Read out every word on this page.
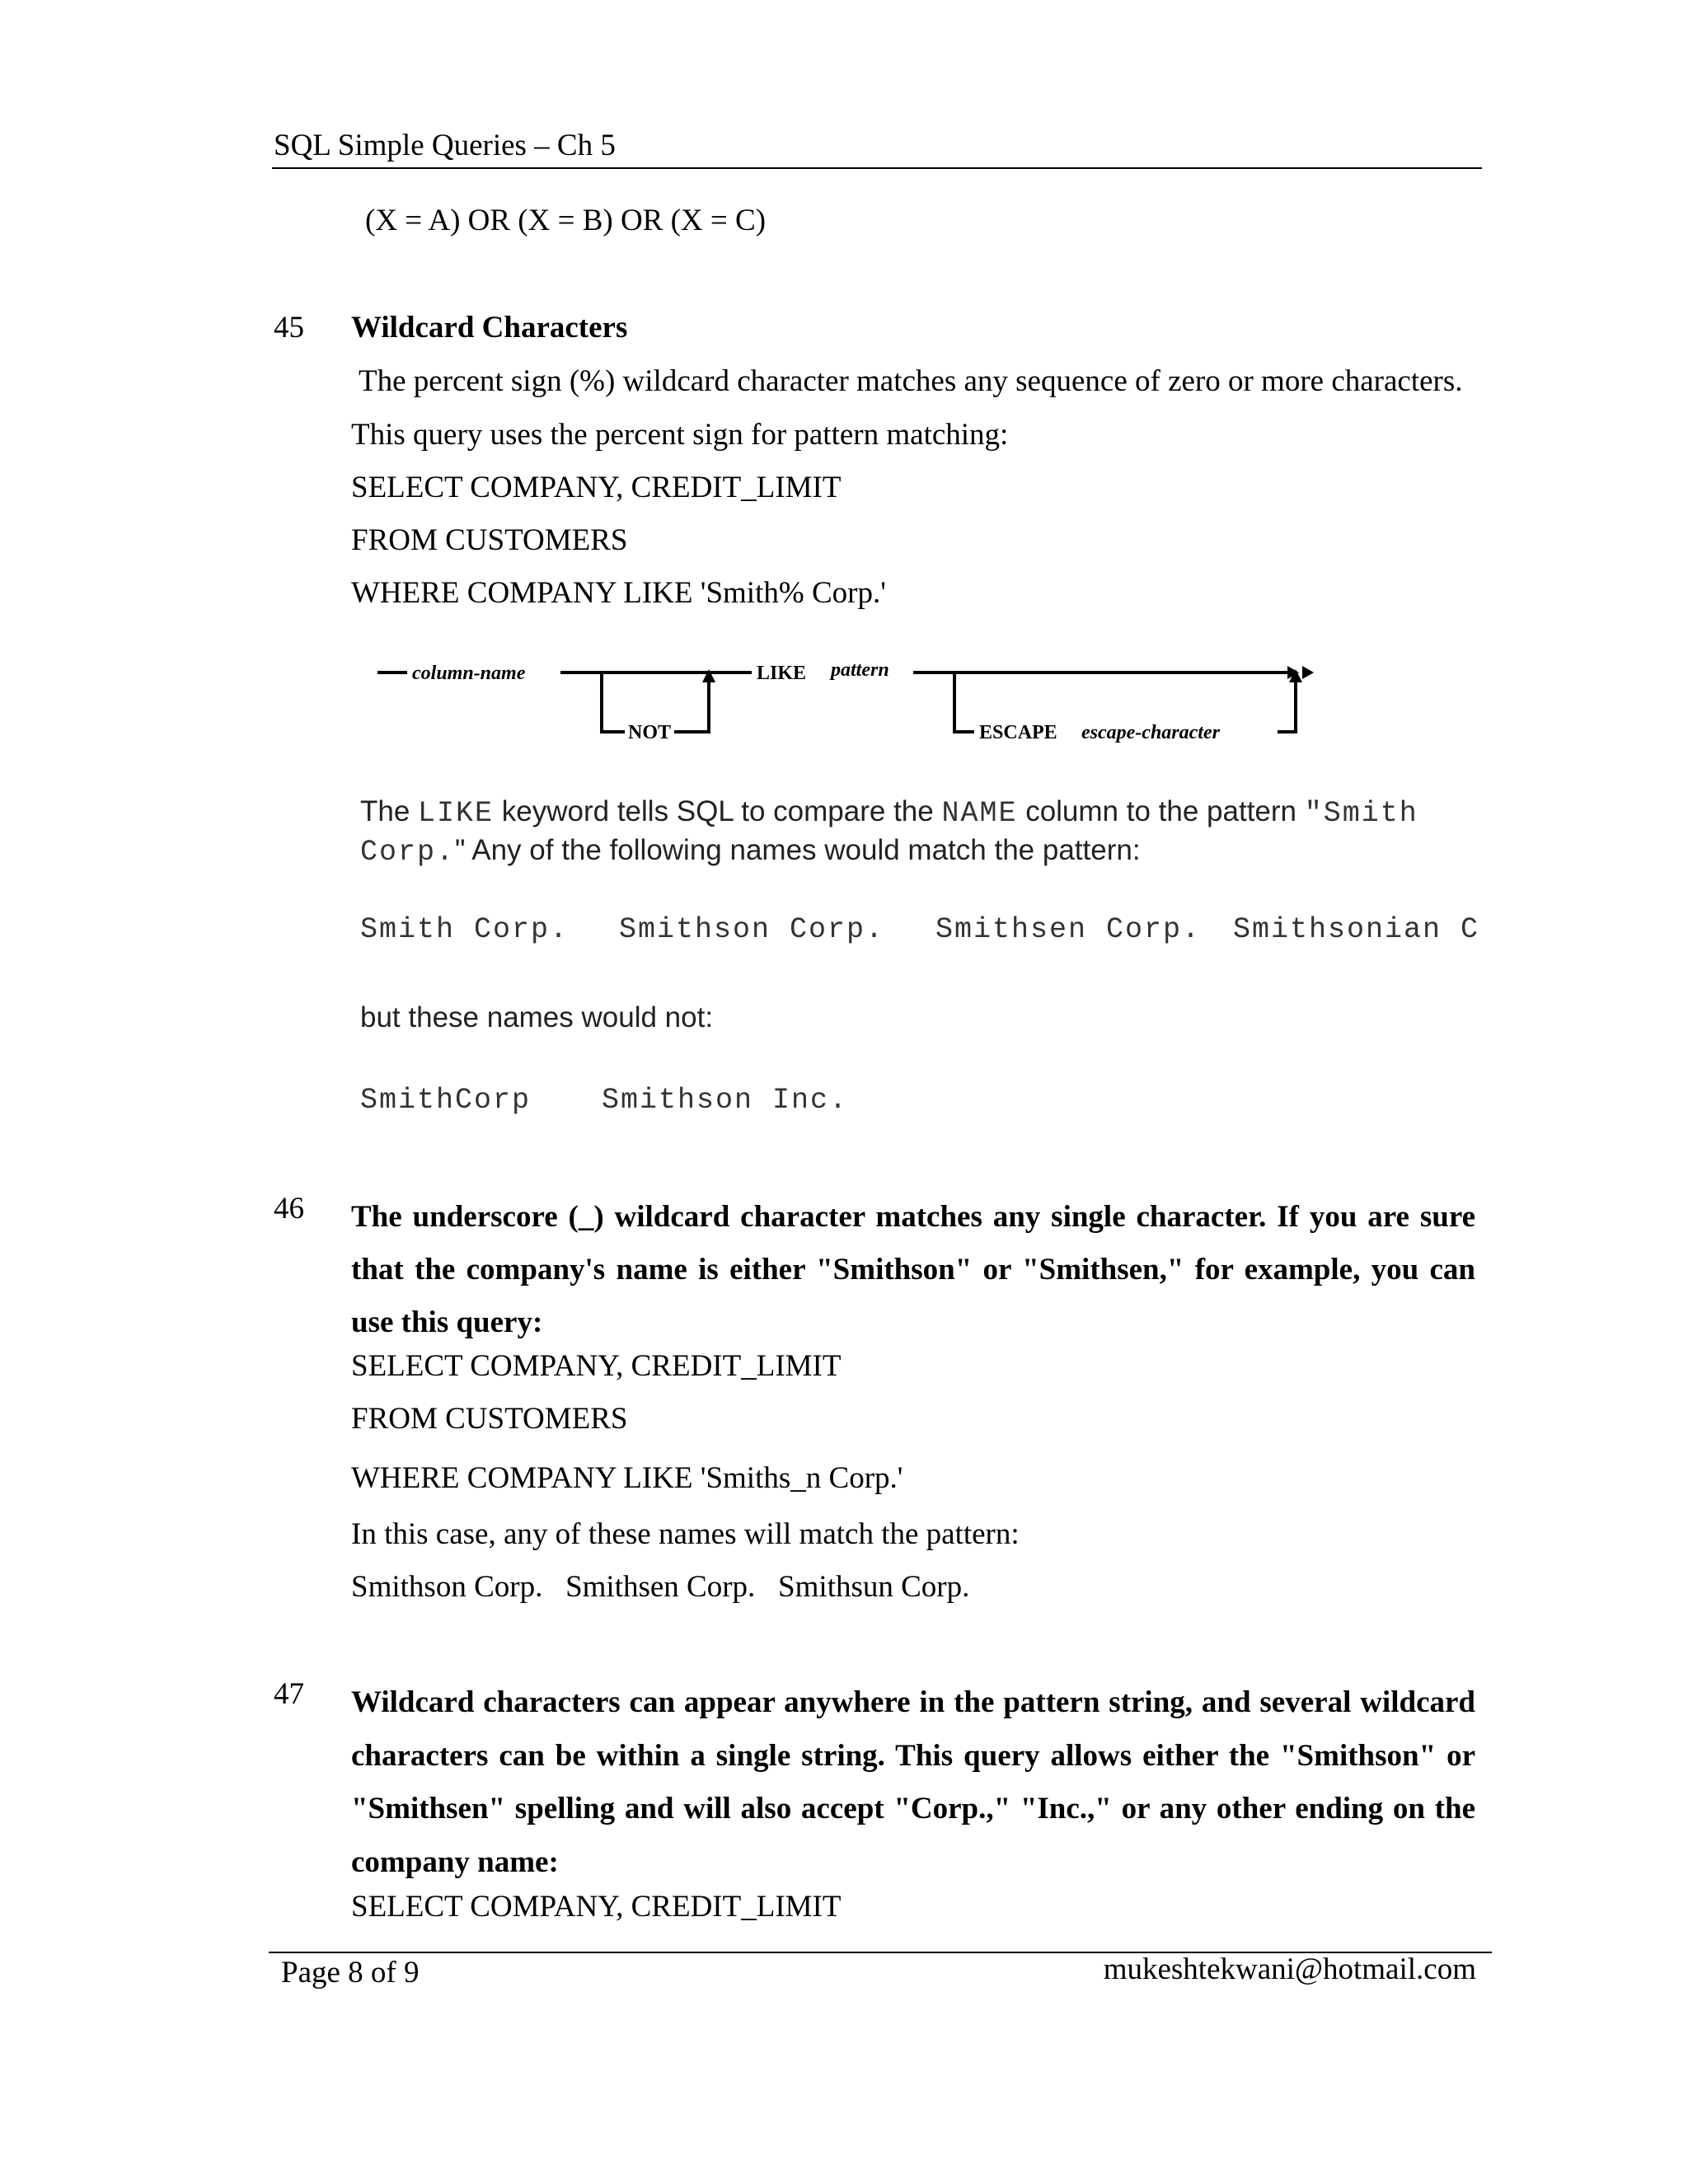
SQL Simple Queries – Ch 5
(X = A) OR (X = B) OR (X = C)
45 Wildcard Characters
The percent sign (%) wildcard character matches any sequence of zero or more characters.
This query uses the percent sign for pattern matching:
SELECT COMPANY, CREDIT_LIMIT
FROM CUSTOMERS
WHERE COMPANY LIKE 'Smith% Corp.'
column-name
NOT
LIKE pattern
ESCAPE escape-character
The LIKE keyword tells SQL to compare the NAME column to the pattern "Smith
Corp." Any of the following names would match the pattern:
Smith Corp. Smithson Corp. Smithsen Corp. Smithsonian C
but these names would not:
SmithCorp Smithson Inc.
46 The underscore (_) wildcard character matches any single character. If you are sure that the company's name is either "Smithson" or "Smithsen," for example, you can use this query:
SELECT COMPANY, CREDIT_LIMIT
FROM CUSTOMERS
WHERE COMPANY LIKE 'Smiths_n Corp.'
In this case, any of these names will match the pattern:
Smithson Corp.   Smithsen Corp.   Smithsun Corp.
47 Wildcard characters can appear anywhere in the pattern string, and several wildcard characters can be within a single string. This query allows either the "Smithson" or "Smithsen" spelling and will also accept "Corp.," "Inc.," or any other ending on the company name:
SELECT COMPANY, CREDIT_LIMIT
Page 8 of 9	mukeshtekwani@hotmail.com
